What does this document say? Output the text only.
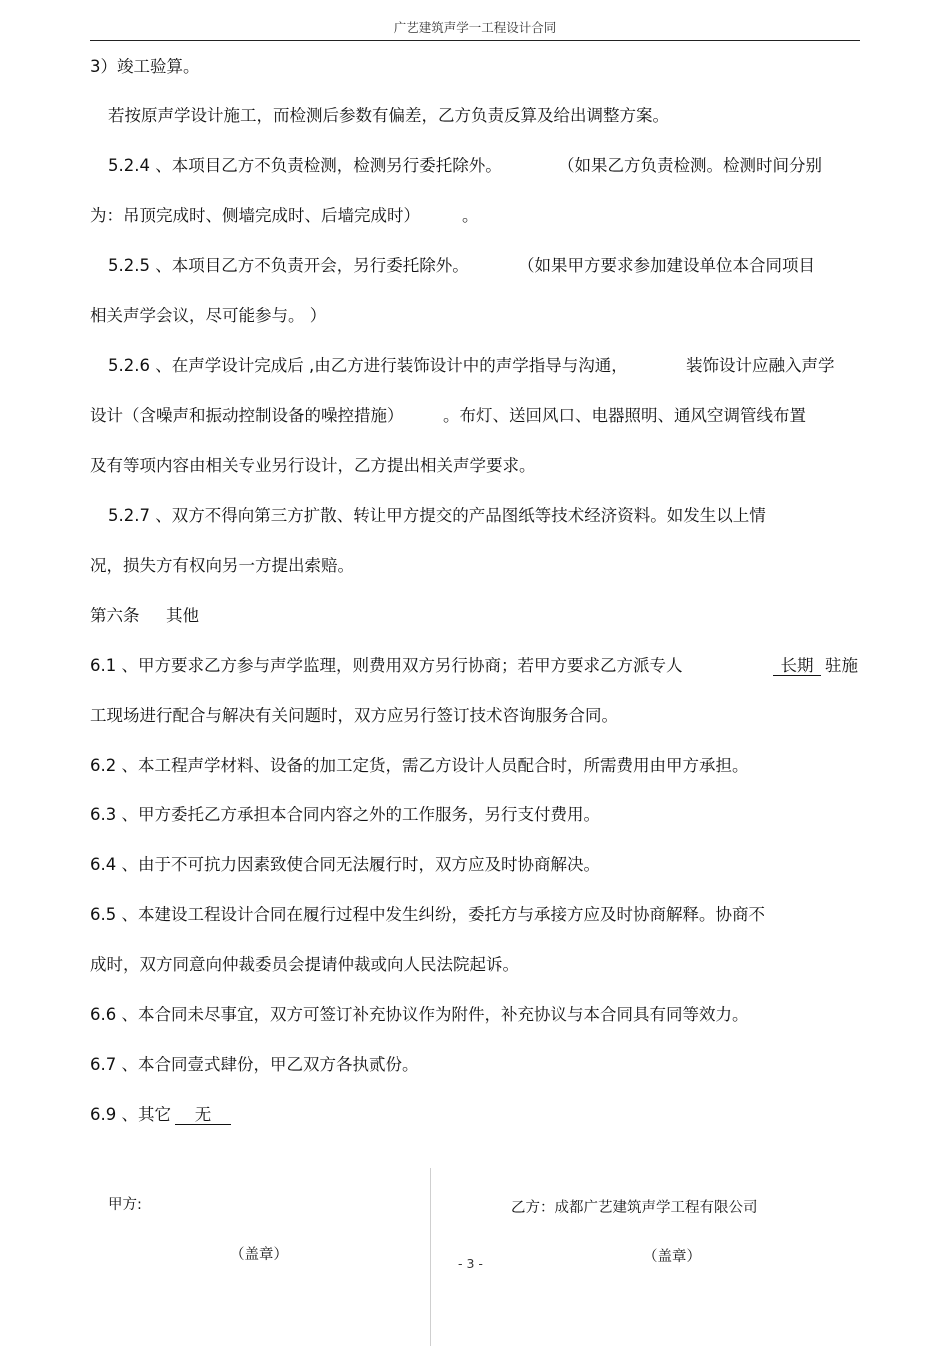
广艺建筑声学一工程设计合同
3）竣工验算。
若按原声学设计施工，而检测后参数有偏差，乙方负责反算及给出调整方案。
5.2.4 、本项目乙方不负责检测，检测另行委托除外。	（如果乙方负责检测。检测时间分别
为：吊顶完成时、侧墙完成时、后墙完成时）	。
5.2.5 、本项目乙方不负责开会，另行委托除外。	（如果甲方要求参加建设单位本合同项目
相关声学会议，尽可能参与。 ）
5.2.6 、在声学设计完成后 ,由乙方进行装饰设计中的声学指导与沟通，	装饰设计应融入声学
设计（含噪声和振动控制设备的噪控措施） 。布灯、送回风口、电器照明、通风空调管线布置
及有等项内容由相关专业另行设计，乙方提出相关声学要求。
5.2.7 、双方不得向第三方扩散、转让甲方提交的产品图纸等技术经济资料。如发生以上情
况，损失方有权向另一方提出索赔。
第六条 其他
6.1 、甲方要求乙方参与声学监理，则费用双方另行协商；若甲方要求乙方派专人	长期 驻施
工现场进行配合与解决有关问题时，双方应另行签订技术咨询服务合同。
6.2 、本工程声学材料、设备的加工定货，需乙方设计人员配合时，所需费用由甲方承担。
6.3 、甲方委托乙方承担本合同内容之外的工作服务，另行支付费用。
6.4 、由于不可抗力因素致使合同无法履行时，双方应及时协商解决。
6.5 、本建设工程设计合同在履行过程中发生纠纷，委托方与承接方应及时协商解释。协商不
成时，双方同意向仲裁委员会提请仲裁或向人民法院起诉。
6.6 、本合同未尽事宜，双方可签订补充协议作为附件，补充协议与本合同具有同等效力。
6.7 、本合同壹式肆份，甲乙双方各执贰份。
6.9 、其它	无
甲方:
（盖章）
乙方：成都广艺建筑声学工程有限公司
（盖章）
- 3 -
